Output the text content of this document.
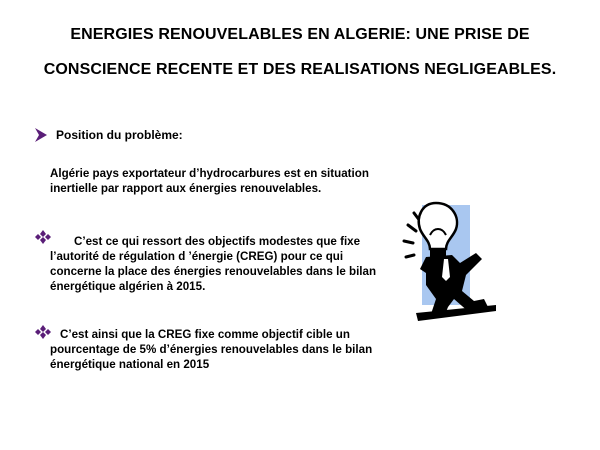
ENERGIES RENOUVELABLES EN ALGERIE: UNE PRISE DE
CONSCIENCE RECENTE ET DES REALISATIONS NEGLIGEABLES.
Position du problème:
Algérie pays exportateur d’hydrocarbures est en situation inertielle par rapport aux énergies renouvelables.
C’est ce qui ressort des objectifs modestes que fixe l’autorité de régulation d ’énergie (CREG) pour ce qui concerne la place des énergies renouvelables dans le bilan énergétique algérien à 2015.
C’est ainsi que la CREG fixe comme objectif cible un pourcentage de 5% d’énergies renouvelables dans le bilan énergétique national en 2015
